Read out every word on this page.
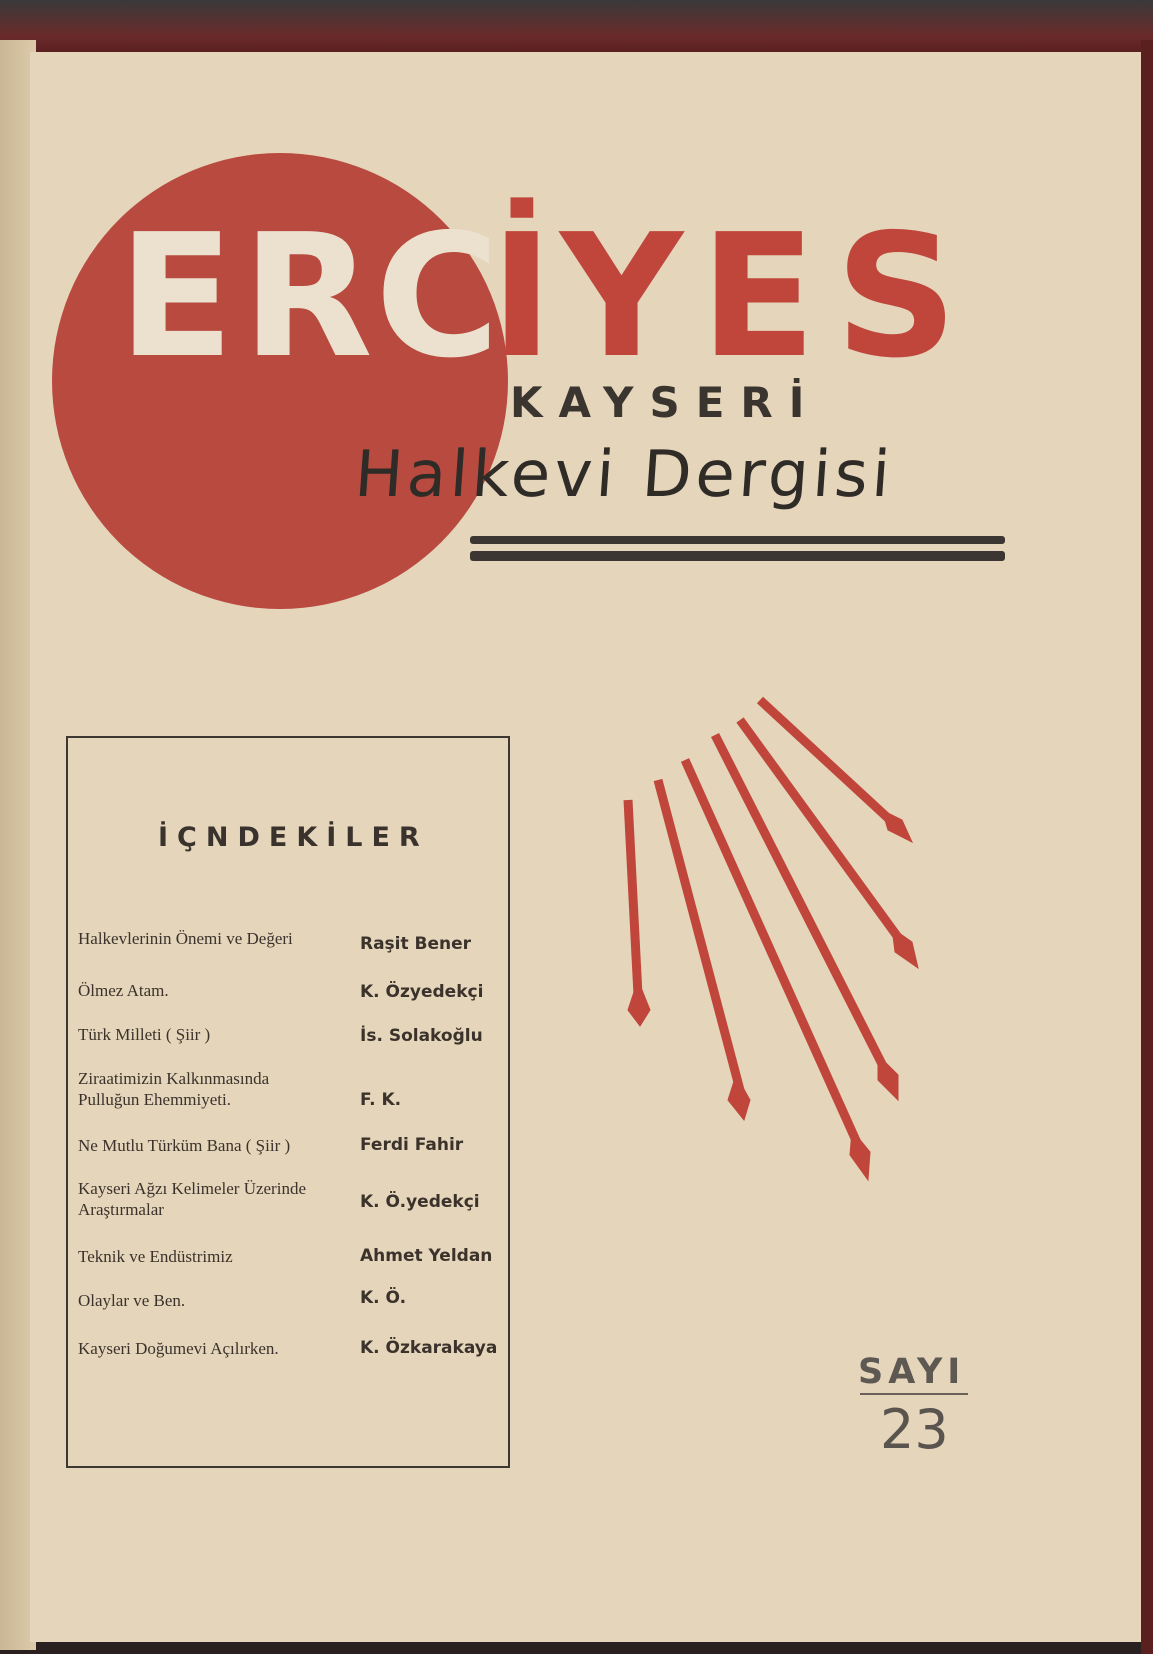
E R C
İ Y E S
KAYSERİ
Halkevi Dergisi
İÇNDEKİLER
Halkevlerinin Önemi ve Değeri	Raşit Bener
Ölmez Atam.	K. Özyedekçi
Türk Milleti ( Şiir )	İs. Solakoğlu
Ziraatimizin Kalkınmasında Pulluğun Ehemmiyeti.	F. K.
Ne Mutlu Türküm Bana ( Şiir )	Ferdi Fahir
Kayseri Ağzı Kelimeler Üzerinde Araştırmalar	K. Ö.yedekçi
Teknik ve Endüstrimiz	Ahmet Yeldan
Olaylar ve Ben.	K. Ö.
Kayseri Doğumevi Açılırken.	K. Özkarakaya
SAYI
23
